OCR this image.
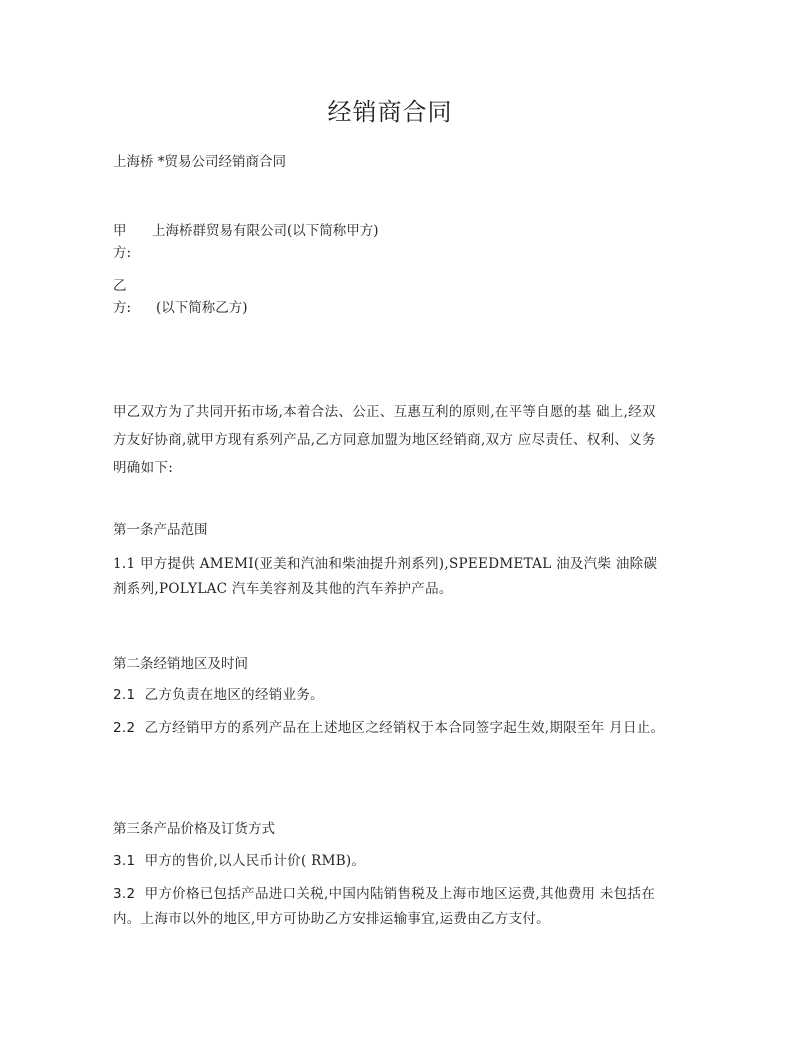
经销商合同
上海桥 *贸易公司经销商合同
甲
方:
上海桥群贸易有限公司(以下简称甲方)
乙
方: (以下简称乙方)
甲乙双方为了共同开拓市场,本着合法、公正、互惠互利的原则,在平等自愿的基 础上,经双方友好协商,就甲方现有系列产品,乙方同意加盟为地区经销商,双方 应尽责任、权利、义务明确如下:
第一条产品范围
1.1 甲方提供 AMEMI(亚美和汽油和柴油提升剂系列),SPEEDMETAL 油及汽柴 油除碳剂系列,POLYLAC 汽车美容剂及其他的汽车养护产品。
第二条经销地区及时间
2.1 乙方负责在地区的经销业务。
2.2 乙方经销甲方的系列产品在上述地区之经销权于本合同签字起生效,期限至年 月日止。
第三条产品价格及订货方式
3.1 甲方的售价,以人民币计价( RMB)。
3.2 甲方价格已包括产品进口关税,中国内陆销售税及上海市地区运费,其他费用 未包括在内。上海市以外的地区,甲方可协助乙方安排运输事宜,运费由乙方支付。
